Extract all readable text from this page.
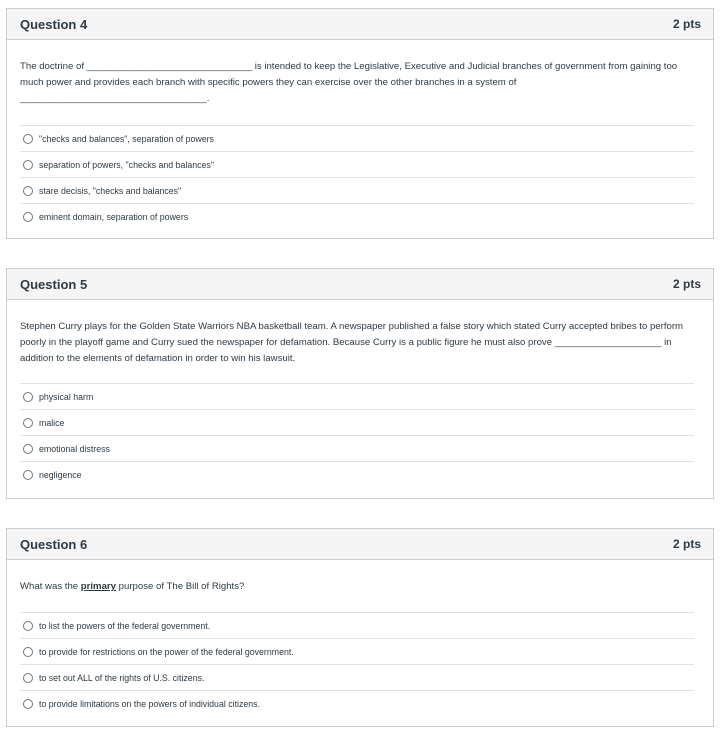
Question 4	2 pts

The doctrine of _______________________________ is intended to keep the Legislative, Executive and Judicial branches of government from gaining too much power and provides each branch with specific powers they can exercise over the other branches in a system of ___________________________________.

"checks and balances", separation of powers
separation of powers, "checks and balances"
stare decisis, "checks and balances"
eminent domain, separation of powers
Question 5	2 pts

Stephen Curry plays for the Golden State Warriors NBA basketball team. A newspaper published a false story which stated Curry accepted bribes to perform poorly in the playoff game and Curry sued the newspaper for defamation. Because Curry is a public figure he must also prove ____________________ in addition to the elements of defamation in order to win his lawsuit.

physical harm
malice
emotional distress
negligence
Question 6	2 pts

What was the primary purpose of The Bill of Rights?

to list the powers of the federal government.
to provide for restrictions on the power of the federal government.
to set out ALL of the rights of U.S. citizens.
to provide limitations on the powers of individual citizens.
